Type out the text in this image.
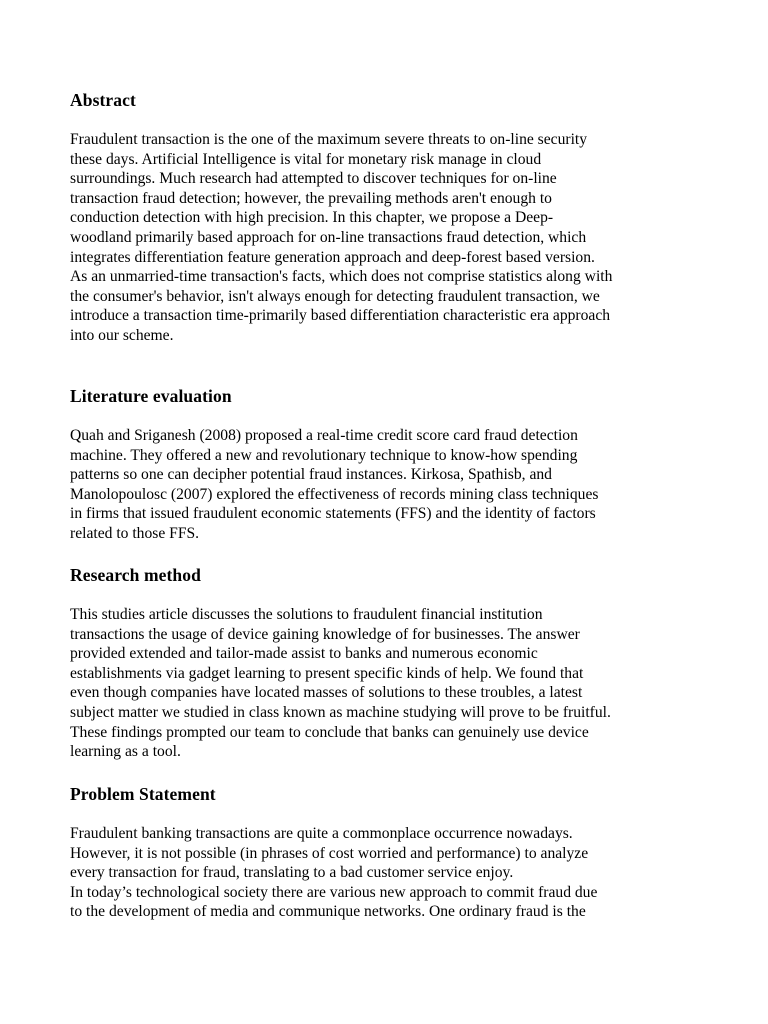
Abstract
Fraudulent transaction is the one of the maximum severe threats to on-line security
these days. Artificial Intelligence is vital for monetary risk manage in cloud
surroundings. Much research had attempted to discover techniques for on-line
transaction fraud detection; however, the prevailing methods aren't enough to
conduction detection with high precision. In this chapter, we propose a Deep-
woodland primarily based approach for on-line transactions fraud detection, which
integrates differentiation feature generation approach and deep-forest based version.
As an unmarried-time transaction's facts, which does not comprise statistics along with
the consumer's behavior, isn't always enough for detecting fraudulent transaction, we
introduce a transaction time-primarily based differentiation characteristic era approach
into our scheme.
Literature evaluation
Quah and Sriganesh (2008) proposed a real-time credit score card fraud detection
machine. They offered a new and revolutionary technique to know-how spending
patterns so one can decipher potential fraud instances. Kirkosa, Spathisb, and
Manolopoulosc (2007) explored the effectiveness of records mining class techniques
in firms that issued fraudulent economic statements (FFS) and the identity of factors
related to those FFS.
Research method
This studies article discusses the solutions to fraudulent financial institution
transactions the usage of device gaining knowledge of for businesses. The answer
provided extended and tailor-made assist to banks and numerous economic
establishments via gadget learning to present specific kinds of help. We found that
even though companies have located masses of solutions to these troubles, a latest
subject matter we studied in class known as machine studying will prove to be fruitful.
These findings prompted our team to conclude that banks can genuinely use device
learning as a tool.
Problem Statement
Fraudulent banking transactions are quite a commonplace occurrence nowadays.
However, it is not possible (in phrases of cost worried and performance) to analyze
every transaction for fraud, translating to a bad customer service enjoy.
In today’s technological society there are various new approach to commit fraud due
to the development of media and communique networks. One ordinary fraud is the
